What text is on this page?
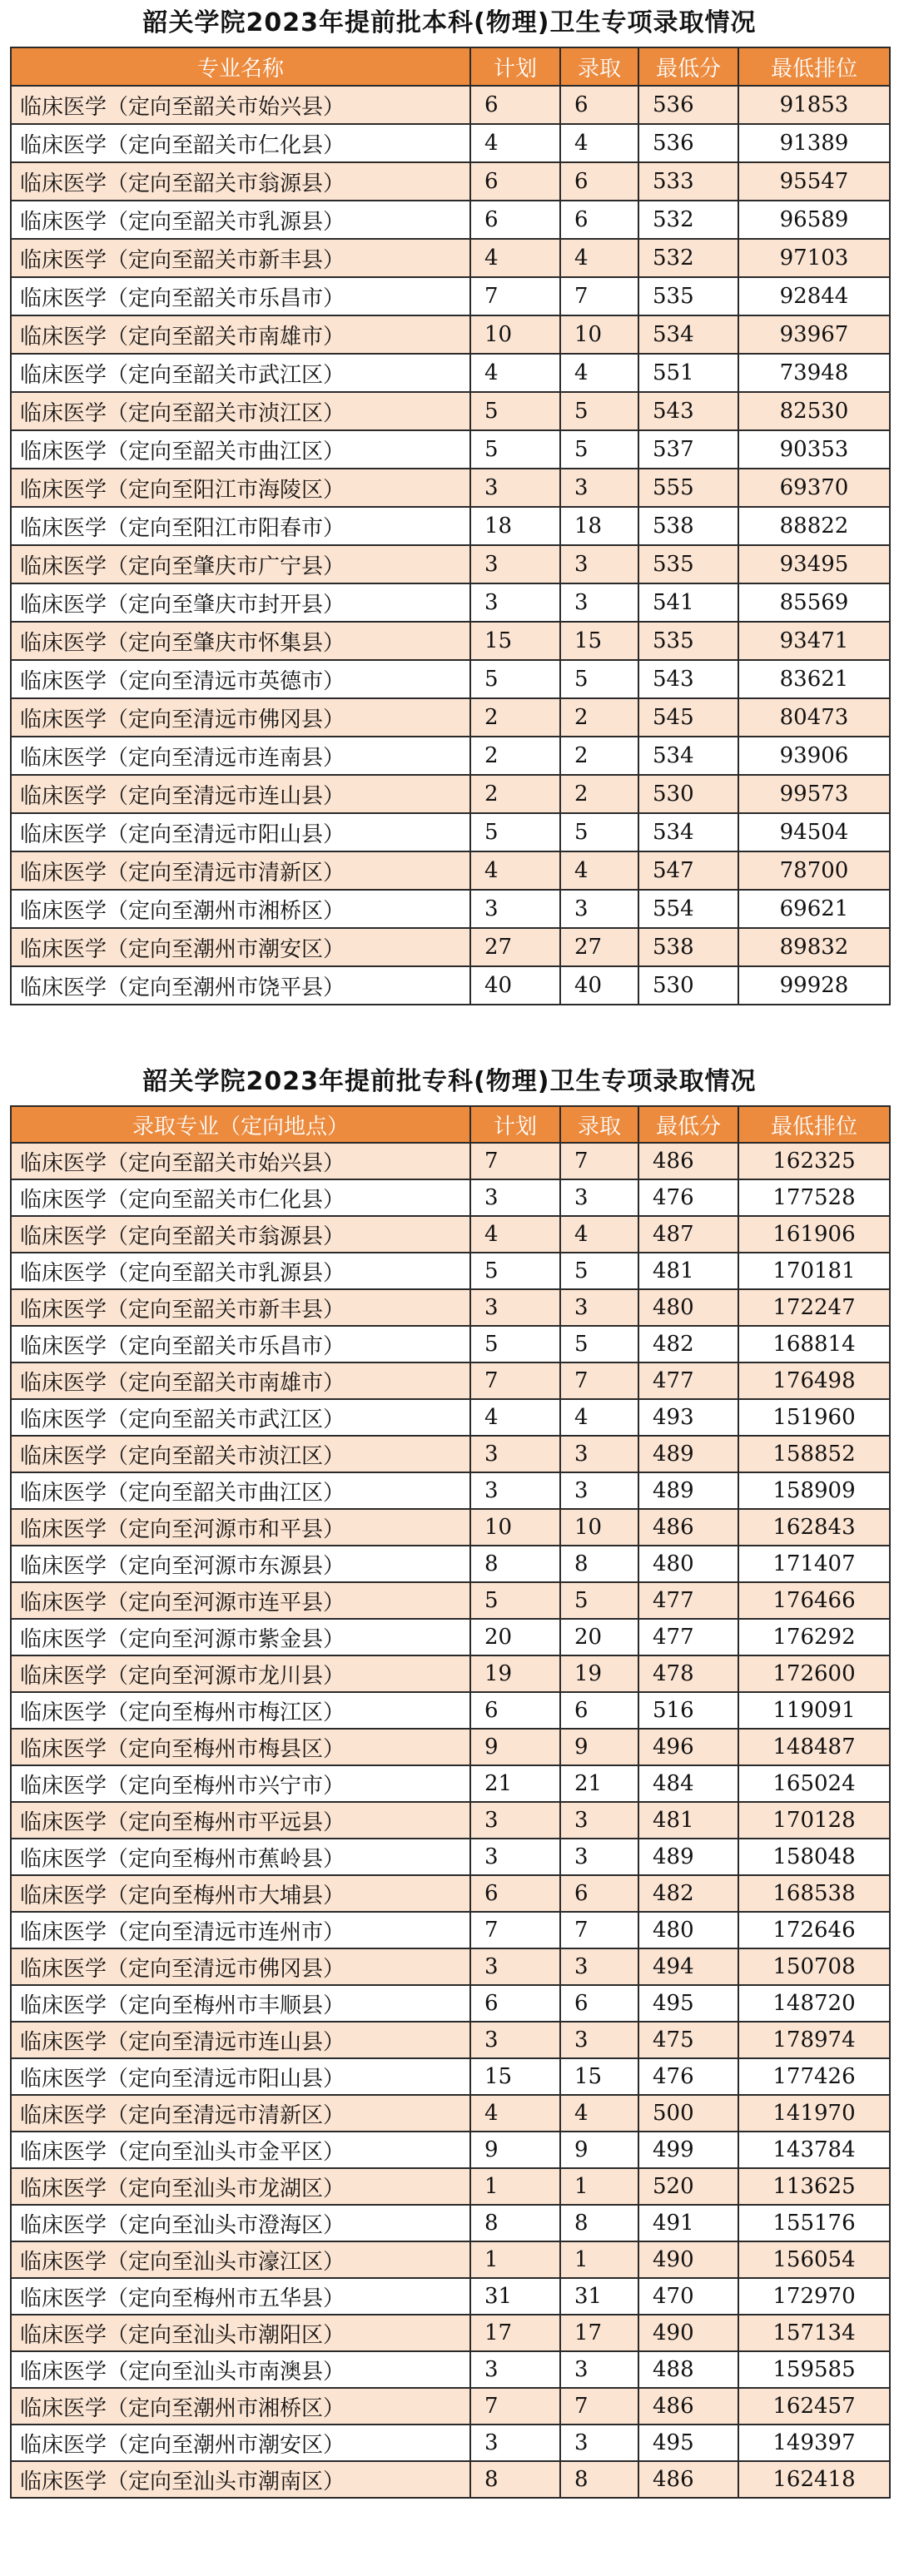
韶关学院2023年提前批本科(物理)卫生专项录取情况
专业名称	计划	录取	最低分	最低排位
临床医学（定向至韶关市始兴县）	6	6	536	91853
临床医学（定向至韶关市仁化县）	4	4	536	91389
临床医学（定向至韶关市翁源县）	6	6	533	95547
临床医学（定向至韶关市乳源县）	6	6	532	96589
临床医学（定向至韶关市新丰县）	4	4	532	97103
临床医学（定向至韶关市乐昌市）	7	7	535	92844
临床医学（定向至韶关市南雄市）	10	10	534	93967
临床医学（定向至韶关市武江区）	4	4	551	73948
临床医学（定向至韶关市浈江区）	5	5	543	82530
临床医学（定向至韶关市曲江区）	5	5	537	90353
临床医学（定向至阳江市海陵区）	3	3	555	69370
临床医学（定向至阳江市阳春市）	18	18	538	88822
临床医学（定向至肇庆市广宁县）	3	3	535	93495
临床医学（定向至肇庆市封开县）	3	3	541	85569
临床医学（定向至肇庆市怀集县）	15	15	535	93471
临床医学（定向至清远市英德市）	5	5	543	83621
临床医学（定向至清远市佛冈县）	2	2	545	80473
临床医学（定向至清远市连南县）	2	2	534	93906
临床医学（定向至清远市连山县）	2	2	530	99573
临床医学（定向至清远市阳山县）	5	5	534	94504
临床医学（定向至清远市清新区）	4	4	547	78700
临床医学（定向至潮州市湘桥区）	3	3	554	69621
临床医学（定向至潮州市潮安区）	27	27	538	89832
临床医学（定向至潮州市饶平县）	40	40	530	99928
韶关学院2023年提前批专科(物理)卫生专项录取情况
录取专业（定向地点）	计划	录取	最低分	最低排位
临床医学（定向至韶关市始兴县）	7	7	486	162325
临床医学（定向至韶关市仁化县）	3	3	476	177528
临床医学（定向至韶关市翁源县）	4	4	487	161906
临床医学（定向至韶关市乳源县）	5	5	481	170181
临床医学（定向至韶关市新丰县）	3	3	480	172247
临床医学（定向至韶关市乐昌市）	5	5	482	168814
临床医学（定向至韶关市南雄市）	7	7	477	176498
临床医学（定向至韶关市武江区）	4	4	493	151960
临床医学（定向至韶关市浈江区）	3	3	489	158852
临床医学（定向至韶关市曲江区）	3	3	489	158909
临床医学（定向至河源市和平县）	10	10	486	162843
临床医学（定向至河源市东源县）	8	8	480	171407
临床医学（定向至河源市连平县）	5	5	477	176466
临床医学（定向至河源市紫金县）	20	20	477	176292
临床医学（定向至河源市龙川县）	19	19	478	172600
临床医学（定向至梅州市梅江区）	6	6	516	119091
临床医学（定向至梅州市梅县区）	9	9	496	148487
临床医学（定向至梅州市兴宁市）	21	21	484	165024
临床医学（定向至梅州市平远县）	3	3	481	170128
临床医学（定向至梅州市蕉岭县）	3	3	489	158048
临床医学（定向至梅州市大埔县）	6	6	482	168538
临床医学（定向至清远市连州市）	7	7	480	172646
临床医学（定向至清远市佛冈县）	3	3	494	150708
临床医学（定向至梅州市丰顺县）	6	6	495	148720
临床医学（定向至清远市连山县）	3	3	475	178974
临床医学（定向至清远市阳山县）	15	15	476	177426
临床医学（定向至清远市清新区）	4	4	500	141970
临床医学（定向至汕头市金平区）	9	9	499	143784
临床医学（定向至汕头市龙湖区）	1	1	520	113625
临床医学（定向至汕头市澄海区）	8	8	491	155176
临床医学（定向至汕头市濠江区）	1	1	490	156054
临床医学（定向至梅州市五华县）	31	31	470	172970
临床医学（定向至汕头市潮阳区）	17	17	490	157134
临床医学（定向至汕头市南澳县）	3	3	488	159585
临床医学（定向至潮州市湘桥区）	7	7	486	162457
临床医学（定向至潮州市潮安区）	3	3	495	149397
临床医学（定向至汕头市潮南区）	8	8	486	162418
